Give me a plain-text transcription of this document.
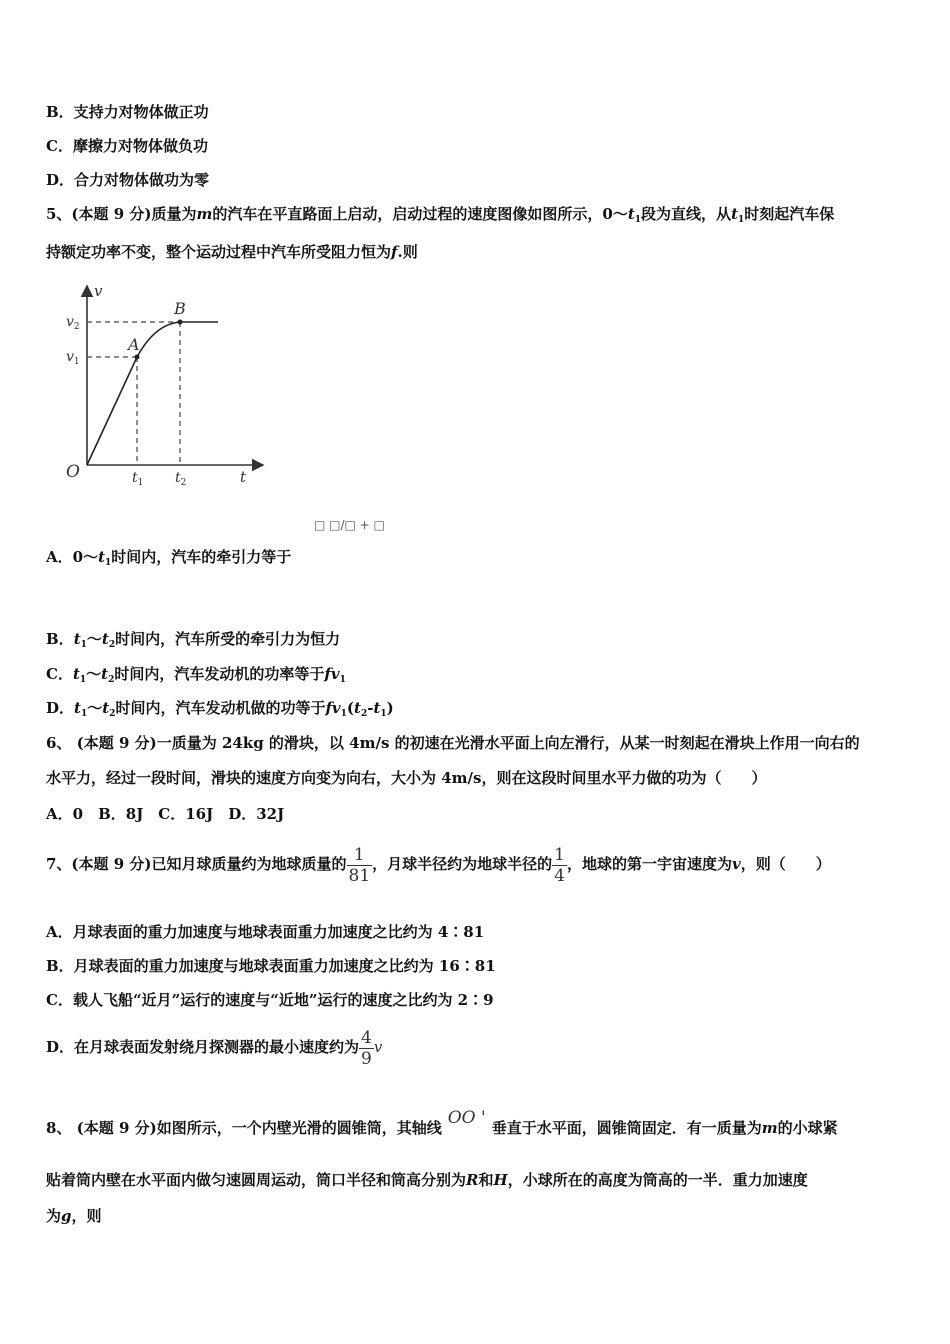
B．支持力对物体做正功
C．摩擦力对物体做负功
D．合力对物体做功为零
5、(本题 9 分)质量为m的汽车在平直路面上启动，启动过程的速度图像如图所示，$0\sim t_1$段为直线，从$t_1$时刻起汽车保
持额定功率不变，整个运动过程中汽车所受阻力恒为f.则
v
t
O
A
B
$v_2$
$v_1$
$t_1$ $t_2$
□ □/□ + □
A．$0\sim t_1$时间内，汽车的牵引力等于
B．$t_1\sim t_2$时间内，汽车所受的牵引力为恒力
C．$t_1\sim t_2$时间内，汽车发动机的功率等于$fv_1$
D．$t_1\sim t_2$时间内，汽车发动机做的功等于$fv_1(t_2-t_1)$
6、 (本题 9 分)一质量为 24kg 的滑块，以 4m/s 的初速在光滑水平面上向左滑行，从某一时刻起在滑块上作用一向右的
水平力，经过一段时间，滑块的速度方向变为向右，大小为 4m/s，则在这段时间里水平力做的功为（　　）
A．0　B．8J　C．16J　D．32J
7、(本题 9 分)已知月球质量约为地球质量的 $\frac{1}{81}$ ，月球半径约为地球半径的 $\frac{1}{4}$ ，地球的第一宇宙速度为v，则（　　）
A．月球表面的重力加速度与地球表面重力加速度之比约为 4∶81
B．月球表面的重力加速度与地球表面重力加速度之比约为 16∶81
C．载人飞船“近月”运行的速度与“近地”运行的速度之比约为 2∶9
D．在月球表面发射绕月探测器的最小速度约为 $\frac{4}{9}$ v
8、 (本题 9 分)如图所示，一个内壁光滑的圆锥筒，其轴线 OO ' 垂直于水平面，圆锥筒固定．有一质量为m的小球紧
贴着筒内壁在水平面内做匀速圆周运动，筒口半径和筒高分别为R和H，小球所在的高度为筒高的一半．重力加速度
为g，则
